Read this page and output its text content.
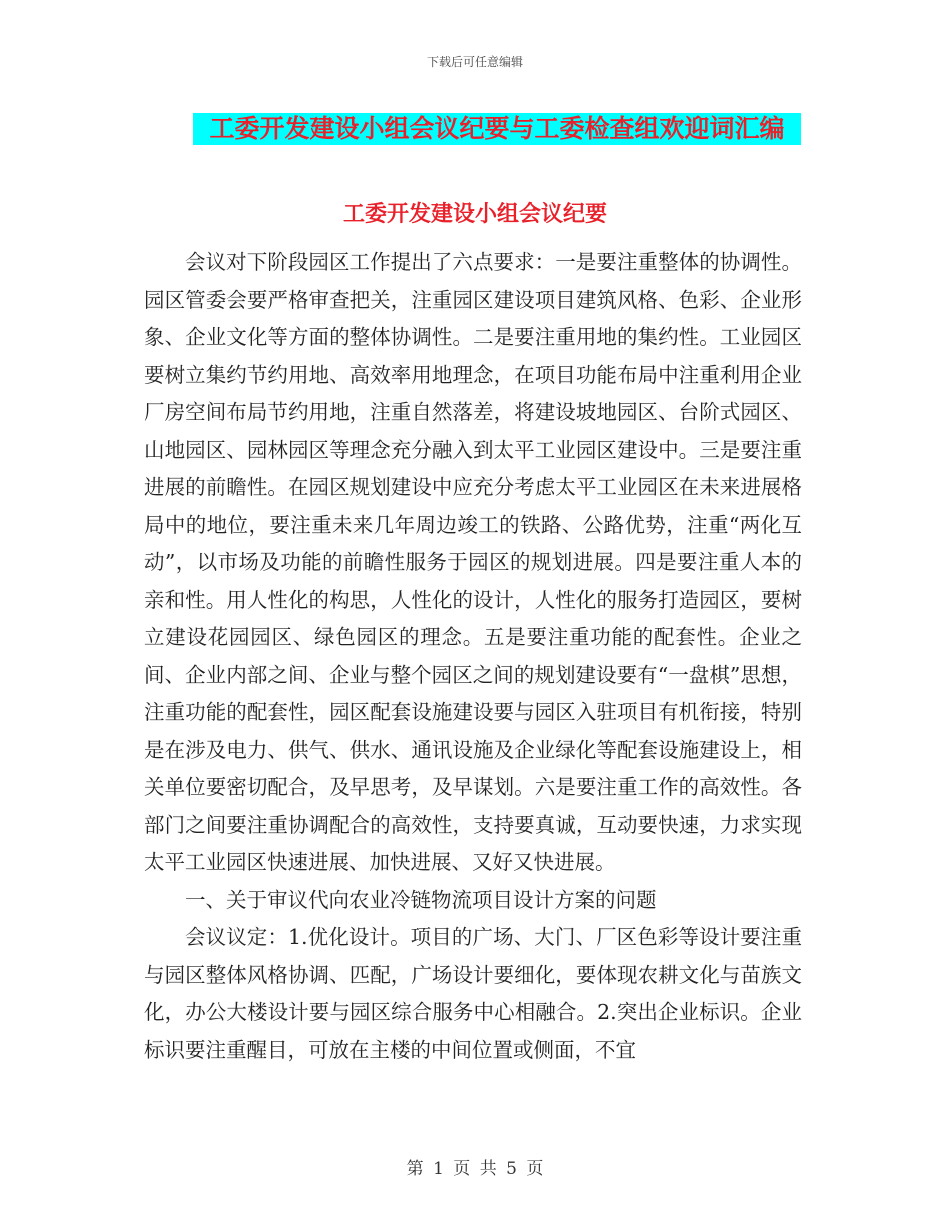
下载后可任意编辑
工委开发建设小组会议纪要与工委检查组欢迎词汇编
工委开发建设小组会议纪要

会议对下阶段园区工作提出了六点要求：一是要注重整体的协调性。园区管委会要严格审查把关，注重园区建设项目建筑风格、色彩、企业形象、企业文化等方面的整体协调性。二是要注重用地的集约性。工业园区要树立集约节约用地、高效率用地理念，在项目功能布局中注重利用企业厂房空间布局节约用地，注重自然落差，将建设坡地园区、台阶式园区、山地园区、园林园区等理念充分融入到太平工业园区建设中。三是要注重进展的前瞻性。在园区规划建设中应充分考虑太平工业园区在未来进展格局中的地位，要注重未来几年周边竣工的铁路、公路优势，注重“两化互动”，以市场及功能的前瞻性服务于园区的规划进展。四是要注重人本的亲和性。用人性化的构思，人性化的设计，人性化的服务打造园区，要树立建设花园园区、绿色园区的理念。五是要注重功能的配套性。企业之间、企业内部之间、企业与整个园区之间的规划建设要有“一盘棋”思想，注重功能的配套性，园区配套设施建设要与园区入驻项目有机衔接，特别是在涉及电力、供气、供水、通讯设施及企业绿化等配套设施建设上，相关单位要密切配合，及早思考，及早谋划。六是要注重工作的高效性。各部门之间要注重协调配合的高效性，支持要真诚，互动要快速，力求实现太平工业园区快速进展、加快进展、又好又快进展。

一、关于审议代向农业冷链物流项目设计方案的问题

会议议定：1.优化设计。项目的广场、大门、厂区色彩等设计要注重与园区整体风格协调、匹配，广场设计要细化，要体现农耕文化与苗族文化，办公大楼设计要与园区综合服务中心相融合。2.突出企业标识。企业标识要注重醒目，可放在主楼的中间位置或侧面，不宜

第 1 页 共 5 页
